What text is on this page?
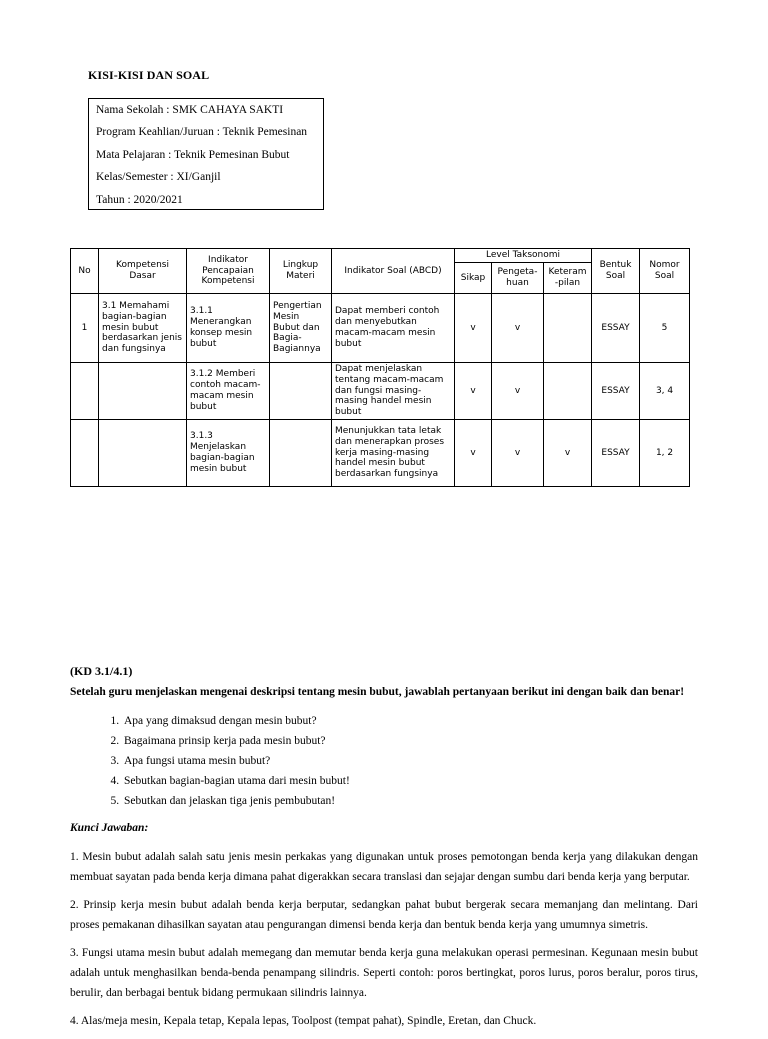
KISI-KISI DAN SOAL
Nama Sekolah : SMK CAHAYA SAKTI
Program Keahlian/Juruan : Teknik Pemesinan
Mata Pelajaran : Teknik Pemesinan Bubut
Kelas/Semester : XI/Ganjil
Tahun : 2020/2021
No	Kompetensi Dasar	Indikator Pencapaian Kompetensi	Lingkup Materi	Indikator Soal (ABCD)	Level Taksonomi			Bentuk Soal	Nomor Soal
					Sikap	Pengeta-huan	Keteram -pilan		
1	3.1 Memahami bagian-bagian mesin bubut berdasarkan jenis dan fungsinya	3.1.1 Menerangkan konsep mesin bubut	Pengertian Mesin Bubut dan Bagia-Bagiannya	Dapat memberi contoh dan menyebutkan macam-macam mesin bubut	v	v		ESSAY	5
		3.1.2 Memberi contoh macam-macam mesin bubut		Dapat menjelaskan tentang macam-macam dan fungsi masing-masing handel mesin bubut	v	v		ESSAY	3, 4
		3.1.3 Menjelaskan bagian-bagian mesin bubut		Menunjukkan tata letak dan menerapkan proses kerja masing-masing handel mesin bubut berdasarkan fungsinya	v	v	v	ESSAY	1, 2
(KD 3.1/4.1)
Setelah guru menjelaskan mengenai deskripsi tentang mesin bubut, jawablah pertanyaan berikut ini dengan baik dan benar!
1. Apa yang dimaksud dengan mesin bubut?
2. Bagaimana prinsip kerja pada mesin bubut?
3. Apa fungsi utama mesin bubut?
4. Sebutkan bagian-bagian utama dari mesin bubut!
5. Sebutkan dan jelaskan tiga jenis pembubutan!
Kunci Jawaban:

1. Mesin bubut adalah salah satu jenis mesin perkakas yang digunakan untuk proses pemotongan benda kerja yang dilakukan dengan membuat sayatan pada benda kerja dimana pahat digerakkan secara translasi dan sejajar dengan sumbu dari benda kerja yang berputar.

2. Prinsip kerja mesin bubut adalah benda kerja berputar, sedangkan pahat bubut bergerak secara memanjang dan melintang. Dari proses pemakanan dihasilkan sayatan atau pengurangan dimensi benda kerja dan bentuk benda kerja yang umumnya simetris.

3. Fungsi utama mesin bubut adalah memegang dan memutar benda kerja guna melakukan operasi permesinan. Kegunaan mesin bubut adalah untuk menghasilkan benda-benda penampang silindris. Seperti contoh: poros bertingkat, poros lurus, poros beralur, poros tirus, berulir, dan berbagai bentuk bidang permukaan silindris lainnya.

4. Alas/meja mesin, Kepala tetap, Kepala lepas, Toolpost (tempat pahat), Spindle, Eretan, dan Chuck.
